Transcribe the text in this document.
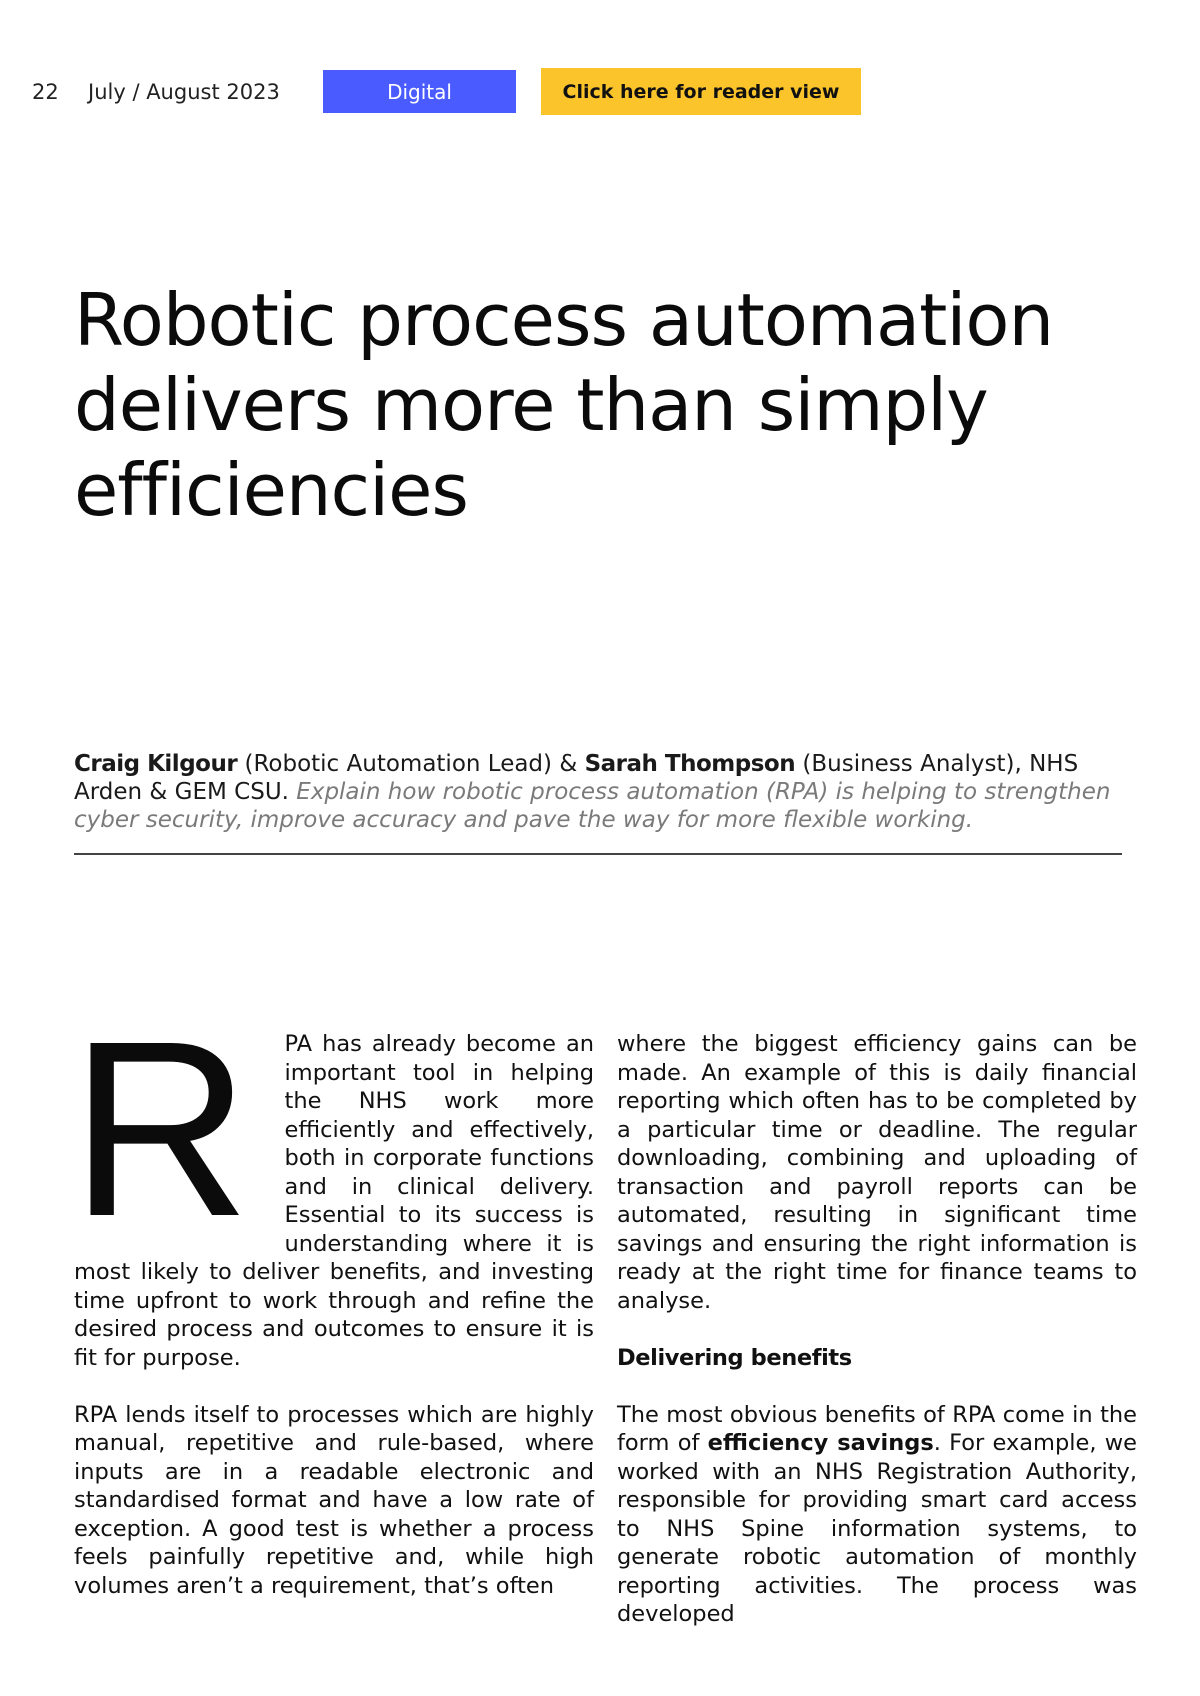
22 July / August 2023	Digital	Click here for reader view
Robotic process automation delivers more than simply efficiencies
Craig Kilgour (Robotic Automation Lead) & Sarah Thompson (Business Analyst), NHS Arden & GEM CSU. Explain how robotic process automation (RPA) is helping to strengthen cyber security, improve accuracy and pave the way for more flexible working.

R PA has already become an important tool in helping the NHS work more efficiently and effectively, both in corporate functions and in clinical delivery. Essential to its success is understanding where it is most likely to deliver benefits, and investing time upfront to work through and refine the desired process and outcomes to ensure it is fit for purpose.

RPA lends itself to processes which are highly manual, repetitive and rule-based, where inputs are in a readable electronic and standardised format and have a low rate of exception. A good test is whether a process feels painfully repetitive and, while high volumes aren’t a requirement, that’s often

where the biggest efficiency gains can be made. An example of this is daily financial reporting which often has to be completed by a particular time or deadline. The regular downloading, combining and uploading of transaction and payroll reports can be automated, resulting in significant time savings and ensuring the right information is ready at the right time for finance teams to analyse.

Delivering benefits

The most obvious benefits of RPA come in the form of efficiency savings. For example, we worked with an NHS Registration Authority, responsible for providing smart card access to NHS Spine information systems, to generate robotic automation of monthly reporting activities. The process was developed
